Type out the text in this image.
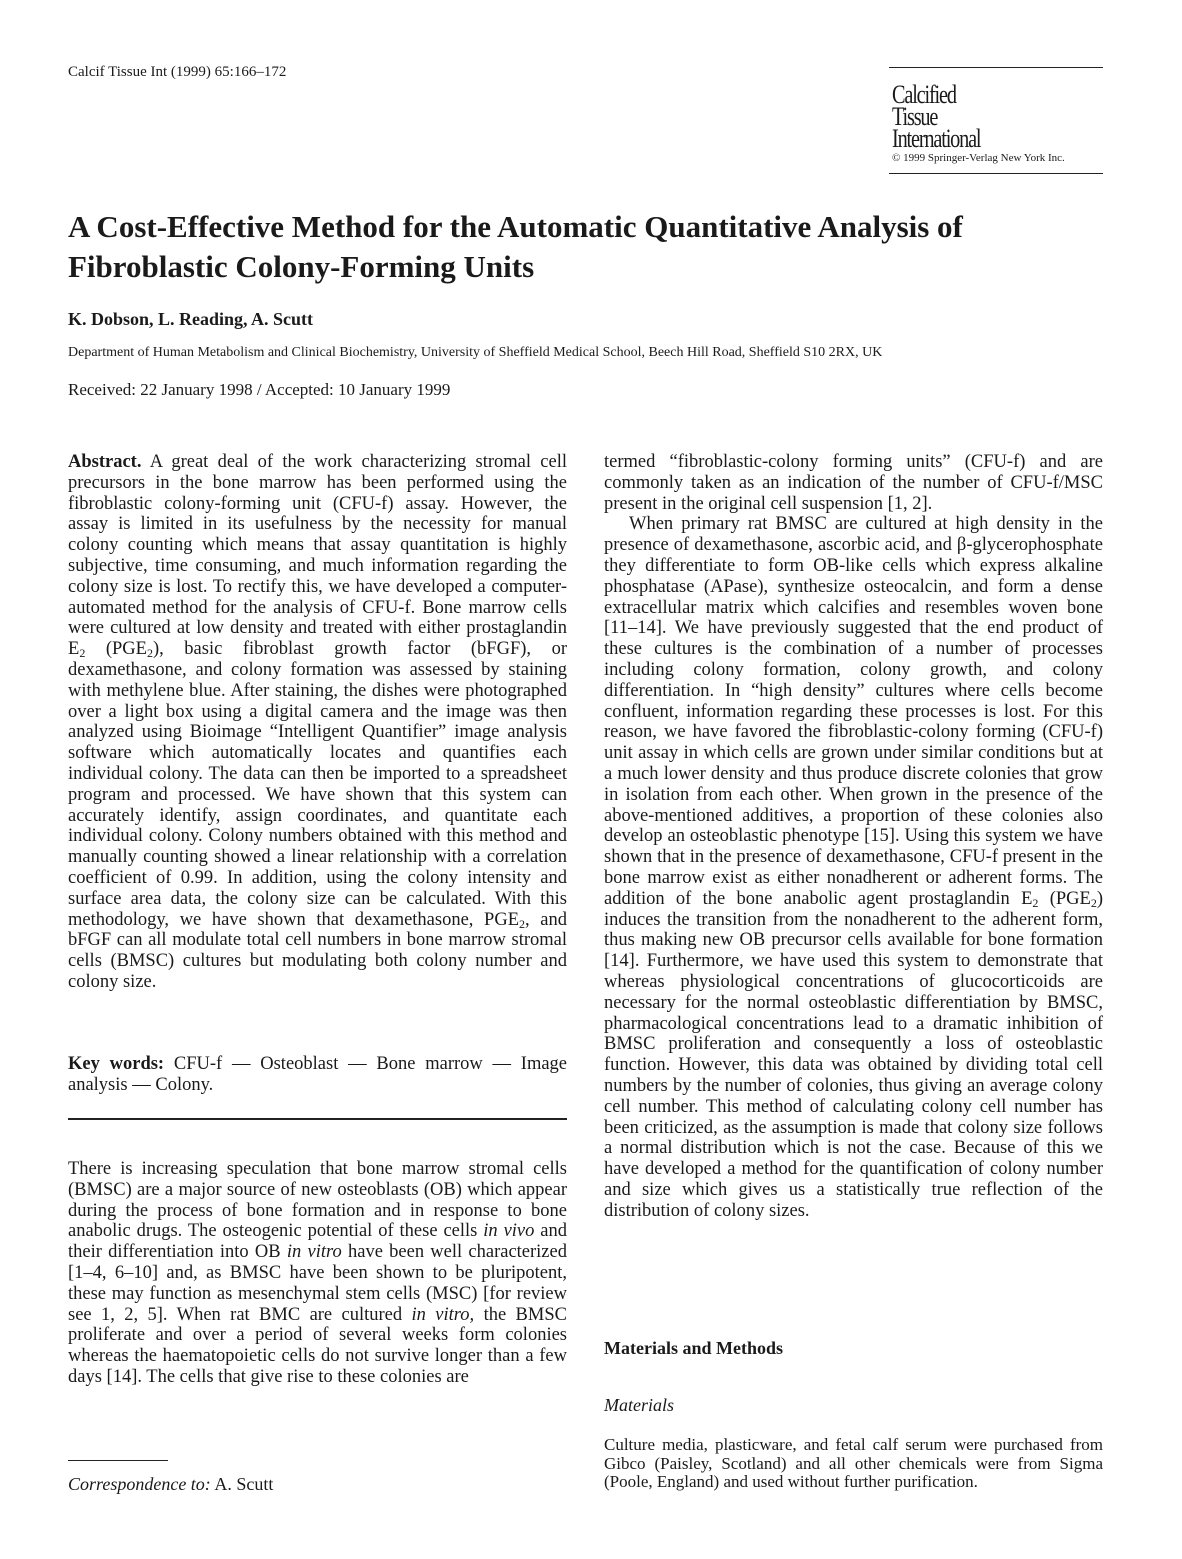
Calcif Tissue Int (1999) 65:166–172
Calcified
Tissue
International
© 1999 Springer-Verlag New York Inc.
A Cost-Effective Method for the Automatic Quantitative Analysis of Fibroblastic Colony-Forming Units
K. Dobson, L. Reading, A. Scutt
Department of Human Metabolism and Clinical Biochemistry, University of Sheffield Medical School, Beech Hill Road, Sheffield S10 2RX, UK
Received: 22 January 1998 / Accepted: 10 January 1999

Abstract. A great deal of the work characterizing stromal cell precursors in the bone marrow has been performed using the fibroblastic colony-forming unit (CFU-f) assay. However, the assay is limited in its usefulness by the necessity for manual colony counting which means that assay quantitation is highly subjective, time consuming, and much information regarding the colony size is lost. To rectify this, we have developed a computer-automated method for the analysis of CFU-f. Bone marrow cells were cultured at low density and treated with either prostaglandin $E_2$ $(PGE_2)$, basic fibroblast growth factor (bFGF), or dexamethasone, and colony formation was assessed by staining with methylene blue. After staining, the dishes were photographed over a light box using a digital camera and the image was then analyzed using Bioimage “Intelligent Quantifier” image analysis software which automatically locates and quantifies each individual colony. The data can then be imported to a spreadsheet program and processed. We have shown that this system can accurately identify, assign coordinates, and quantitate each individual colony. Colony numbers obtained with this method and manually counting showed a linear relationship with a correlation coefficient of 0.99. In addition, using the colony intensity and surface area data, the colony size can be calculated. With this methodology, we have shown that dexamethasone, $PGE_2$, and bFGF can all modulate total cell numbers in bone marrow stromal cells (BMSC) cultures but modulating both colony number and colony size.

Key words: CFU-f — Osteoblast — Bone marrow — Image analysis — Colony.

There is increasing speculation that bone marrow stromal cells (BMSC) are a major source of new osteoblasts (OB) which appear during the process of bone formation and in response to bone anabolic drugs. The osteogenic potential of these cells in vivo and their differentiation into OB in vitro have been well characterized [1–4, 6–10] and, as BMSC have been shown to be pluripotent, these may function as mesenchymal stem cells (MSC) [for review see 1, 2, 5]. When rat BMC are cultured in vitro, the BMSC proliferate and over a period of several weeks form colonies whereas the haematopoietic cells do not survive longer than a few days [14]. The cells that give rise to these colonies are

termed “fibroblastic-colony forming units” (CFU-f) and are commonly taken as an indication of the number of CFU-f/MSC present in the original cell suspension [1, 2].

When primary rat BMSC are cultured at high density in the presence of dexamethasone, ascorbic acid, and β-glycerophosphate they differentiate to form OB-like cells which express alkaline phosphatase (APase), synthesize osteocalcin, and form a dense extracellular matrix which calcifies and resembles woven bone [11–14]. We have previously suggested that the end product of these cultures is the combination of a number of processes including colony formation, colony growth, and colony differentiation. In “high density” cultures where cells become confluent, information regarding these processes is lost. For this reason, we have favored the fibroblastic-colony forming (CFU-f) unit assay in which cells are grown under similar conditions but at a much lower density and thus produce discrete colonies that grow in isolation from each other. When grown in the presence of the above-mentioned additives, a proportion of these colonies also develop an osteoblastic phenotype [15]. Using this system we have shown that in the presence of dexamethasone, CFU-f present in the bone marrow exist as either nonadherent or adherent forms. The addition of the bone anabolic agent prostaglandin $E_2$ $(PGE_2)$ induces the transition from the nonadherent to the adherent form, thus making new OB precursor cells available for bone formation [14]. Furthermore, we have used this system to demonstrate that whereas physiological concentrations of glucocorticoids are necessary for the normal osteoblastic differentiation by BMSC, pharmacological concentrations lead to a dramatic inhibition of BMSC proliferation and consequently a loss of osteoblastic function. However, this data was obtained by dividing total cell numbers by the number of colonies, thus giving an average colony cell number. This method of calculating colony cell number has been criticized, as the assumption is made that colony size follows a normal distribution which is not the case. Because of this we have developed a method for the quantification of colony number and size which gives us a statistically true reflection of the distribution of colony sizes.

Materials and Methods
Materials
Culture media, plasticware, and fetal calf serum were purchased from Gibco (Paisley, Scotland) and all other chemicals were from Sigma (Poole, England) and used without further purification.
Correspondence to: A. Scutt
